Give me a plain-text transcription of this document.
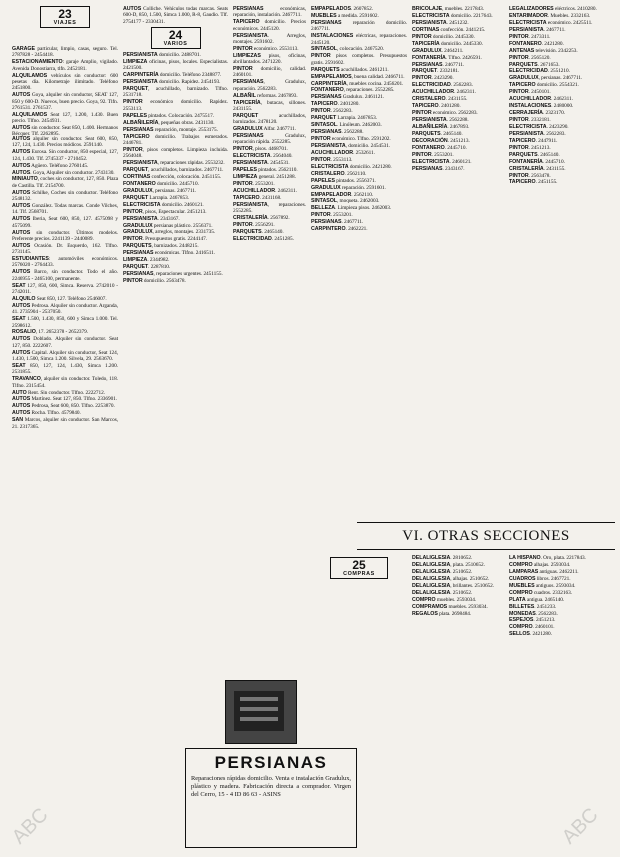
23
VIAJES

GARAGE particular, limpio, casas, seguro. Tel. 2787828 - 2454418.

ESTACIONAMIENTO: garaje Amplio, vigilado. Avenida Donostiarra, tlfn. 2452181.

ALQUILAMOS vehículos sin conductor: 600 pesetas día. Kilometraje ilimitado. Teléfono 2451800.

AUTOS Goya, alquiler sin conductor, SEAT 127, 850 y 600-D. Nuevos, buen precio. Goya, 92. Tlfn. 2761531. 2761537.

ALQUILAMOS Seat 127, 1.200, 1.430. Buen precio. Tlfno. 2454931.

AUTOS sin conductor. Seat 850, 1.400. Hermanos Bécquer. Tlf. 2262895.

AUTOS alquiler sin conductor. Seat 600, 850, 127, 124, 1.430. Precios módicos. 2591140.

AUTOS Eurosa. Sin conductor, 850 especial, 127, 124, 1.430. Tlf. 2745337 - 2710452.

AUTOS Agüero. Teléfono 2760145.

AUTOS. Goya, Alquiler sin conductor. 2743130.

MINIAUTO, coches sin conductor, 127, 850. Plaza de Castilla. Tlf. 2154700.

AUTOS Schilke, Coches sin conductor. Teléfono 2548132.

AUTOS González. Todas marcas. Conde Vilches, 14. Tlf. 2568701.

AUTOS Iberia, Seat 600, 850, 127. 4575098 y 4575099.

AUTOS sin conductor. Últimos modelos. Preferente precios. 2241139 - 2440089.

AUTOS Ocasión. Dr. Esquerdo, 162. Tlfno. 2731145.

ESTUDIANTES: automóviles económicos. 2576020 - 2764433.

AUTOS Barco, sin conductor. Todo el año. 2246955 - 2465100, permanente.

SEAT 127, 850, 600, Simca. Reserva. 2742010 - 2742011.

ALQUILO Seat 850, 127. Teléfono 2546007.

AUTOS Pedrosa. Alquiler sin conductor. Arganda, 41. 2735904 - 2537050.

SEAT 1.500, 1.430, 850, 600 y Simca 1.000. Tel. 2598612.

ROSALIO, 17. 2652378 - 2652379.

AUTOS Doblado. Alquiler sin conductor. Seat 127, 850. 2222607.

AUTOS Capital. Alquiler sin conductor, Seat 124, 1.430, 1.500, Simca 1.200. Silvela, 29. 2563670.

SEAT 850, 127, 124, 1.430, Simca 1.200. 2531855.

TRAVANCO, alquiler sin conductor. Toledo, 118. Tlfno. 2315454.

AUTO Rent. Sin conductor. Tlfno. 2222712.

AUTOS Martínez. Seat 127, 850. Tlfno. 2336901.

AUTOS Pedrosa, Seat 600, 850. Tlfno. 2253870.

AUTOS Rocha. Tlfno. 4579840.

SAN Marcos, alquiler sin conductor. San Marcos, 21. 2317365.

AUTOS Colliche. Vehículos todas marcas. Seats 600-D, 850, 1.500, Simca 1.000, R-8, Gaudio. Tlf. 2754177 - 2330431.

24
VARIOS

PERSIANISTA domicilio. 2488701.

LIMPIEZA oficinas, pisos, locales. Especialistas. 2421500.

CARPINTERÍA domicilio. Teléfono 2348877.

PERSIANISTA domicilio. Rapidez. 2454193.

PARQUET, acuchillado, barnizado. Tlfno. 2531718.

PINTOR económico domicilio. Rapidez. 2553113.

PAPELES pintados. Colocación. 2475517.

ALBAÑILERÍA, pequeñas obras. 2431130.

PERSIANAS reparación, montaje. 2553175.

TAPICERO domicilio. Trabajos esmerados. 2446781.

PINTOR, pisos completos. Limpieza incluida. 2564048.

PERSIANISTA, reparaciones rápidas. 2553232.

PARQUET, acuchillados, barnizados. 2467711.

CORTINAS confección, colocación. 2451155.

FONTANERO domicilio. 2445710.

GRADULUX, persianas. 2467711.

PARQUET Larrapia. 2467853.

ELECTRICISTA domicilio. 2460121.

PINTOR, pisos, Espectacular. 2451213.

PERSIANISTA. 2343167.

GRADULUX persianas plástico. 2556371.

GRADULUX, arreglos, montajes. 2331735.

PINTOR. Presupuestos gratis. 2244147.

PARQUETS, barnizados. 2448215.

PERSIANAS económicas. Tlfno. 2416511.

LIMPIEZA. 2344982.

PARQUET. 2287810.

PERSIANAS, reparaciones urgentes. 2451155.

PINTOR domicilio. 2563478.

PERSIANAS económicas, reparación, instalación. 2467711.

TAPICERO domicilio. Precios económicos. 2445120.

PERSIANISTA. Arreglos, montajes. 2591602.

PINTOR económico. 2553113.

LIMPIEZAS pisos, oficinas, abrillantados. 2471220.

PINTOR domicilio, calidad. 2460101.

PERSIANAS, Gradulux, reparación. 2562283.

ALBAÑIL reformas. 2467893.

TAPICERÍA, butacas, sillones. 2431155.

PARQUET acuchillados, barnizados. 2478120.

GRADULUX Alfar. 2467711.

PERSIANAS Gradulux, reparación rápida. 2552285.

PINTOR, pisos. 4468701.

ELECTRICISTA. 2564040.

PERSIANISTA. 2454531.

PAPELES pintados. 2562110.

LIMPIEZA general. 2451288.

PINTOR. 2553201.

ACUCHILLADOR. 2462311.

TAPICERO. 2431168.

PERSIANISTA, reparaciones. 2552285.

CRISTALERÍA. 2567892.

PINTOR. 2556291.

PARQUETS. 2465140.

ELECTRICIDAD. 2451285.

EMPAPELADOS. 2607852.

MUEBLES a medida. 2591602.

PERSIANAS reparación domicilio. 2467711.

INSTALACIONES eléctricas, reparaciones. 2445120.

SINTASOL, colocación. 2467520.

PINTOR pisos completos. Presupuestos gratis. 2591602.

PARQUETS acuchillados. 2461211.

EMPAPELAMOS, buena calidad. 2466711.

CARPINTERÍA, muebles cocina. 2456201.

FONTANERO, reparaciones. 2552285.

PERSIANAS Gradulux. 2461121.

TAPICERO. 2401280.

PINTOR. 2562283.

PARQUET Larrapia. 2467853.

SINTASOL. Linóleum. 2462003.

PERSIANAS. 2562288.

PINTOR económico. Tlfno. 2591202.

PERSIANISTA, domicilio. 2454531.

ACUCHILLADOR. 2532611.

PINTOR. 2553113.

ELECTRICISTA domicilio. 2421280.

CRISTALERO. 2562110.

PAPELES pintados. 2556371.

GRADULUX reparación. 2591601.

EMPAPELADOR. 2562110.

SINTASOL, moqueta. 2462003.

BELLEZA. Limpieza pisos. 2462003.

PINTOR. 2553201.

PERSIANAS. 2467711.

CARPINTERO. 2462221.

BRICOLAJE, muebles. 2217843.

ELECTRICISTA domicilio. 2217643.

PERSIANISTA. 2451232.

CORTINAS confección. 2441215.

PINTOR domicilio. 2445330.

TAPICERÍA domicilio. 2445330.

GRADULUX. 2464211.

FONTANERÍA. Tlfno. 2426591.

PERSIANAS. 2467711.

PARQUET. 2332181.

PINTOR. 2423290.

ELECTRICIDAD. 2562283.

ACUCHILLADOR. 2462311.

CRISTALERO. 2431155.

TAPICERO. 2401280.

PINTOR económico. 2562283.

PERSIANISTA. 2562288.

ALBAÑILERÍA. 2467893.

PARQUETS. 2465140.

DECORACIÓN. 2451213.

FONTANERO. 2445710.

PINTOR. 2553201.

ELECTRICISTA. 2460121.

PERSIANAS. 2343167.

LEGALIZADORES eléctricos. 2410280.

ENTARIMADOR. Muebles. 2332163.

ELECTRICISTA económico. 2425511.

PERSIANISTA. 2467711.

PINTOR. 2473311.

FONTANERO. 2421280.

ANTENAS televisión. 2342253.

PINTOR. 2565120.

PARQUETS. 2671653.

ELECTRICIDAD. 2551210.

GRADULUX, persianas. 2467711.

TAPICERO domicilio. 2554321.

PINTOR. 2450101.

ACUCHILLADOR. 2462311.

INSTALACIONES. 2480000.

CERRAJERÍA. 2323170.

PINTOR. 2332181.

ELECTRICISTA. 2423290.

PERSIANISTA. 2562283.

TAPICERO. 2447911.

PINTOR. 2451213.

PARQUETS. 2465140.

FONTANERÍA. 2445710.

CRISTALERÍA. 2431155.

PINTOR. 2563478.

TAPICERO. 2451155.

VI. OTRAS SECCIONES
25
COMPRAS

DELALIGLESIA. 2810652.

DELALIGLESIA, plata. 2510652.

DELALIGLESIA. 2510652.

DELALIGLESIA, alhajas. 2510652.

DELALIGLESIA, brillantes. 2510652.

DELALIGLESIA. 2510652.

COMPRO muebles. 2593034.

COMPRAMOS muebles. 2593034.

REGALOS plata. 2698484.

LA HISPANO. Oro, plata. 2217843.

COMPRO alhajas. 2593034.

LAMPARAS antiguas. 2462211.

CUADROS libros. 2467721.

MUEBLES antiguos. 2593034.

COMPRO cuadros. 2332163.

PLATA antigua. 2465140.

BILLETES. 2451233.

MONEDAS. 2562283.

ESPEJOS. 2451213.

COMPRO. 2460101.

SELLOS. 2421280.

PERSIANAS
Reparaciones rápidas domicilio. Venta e instalación Gradulux, plástico y madera. Fabricación directa a comprador. Virgen del Cerro, 15 - 4 ID 86 63 - ASINS
ABC
ABC
